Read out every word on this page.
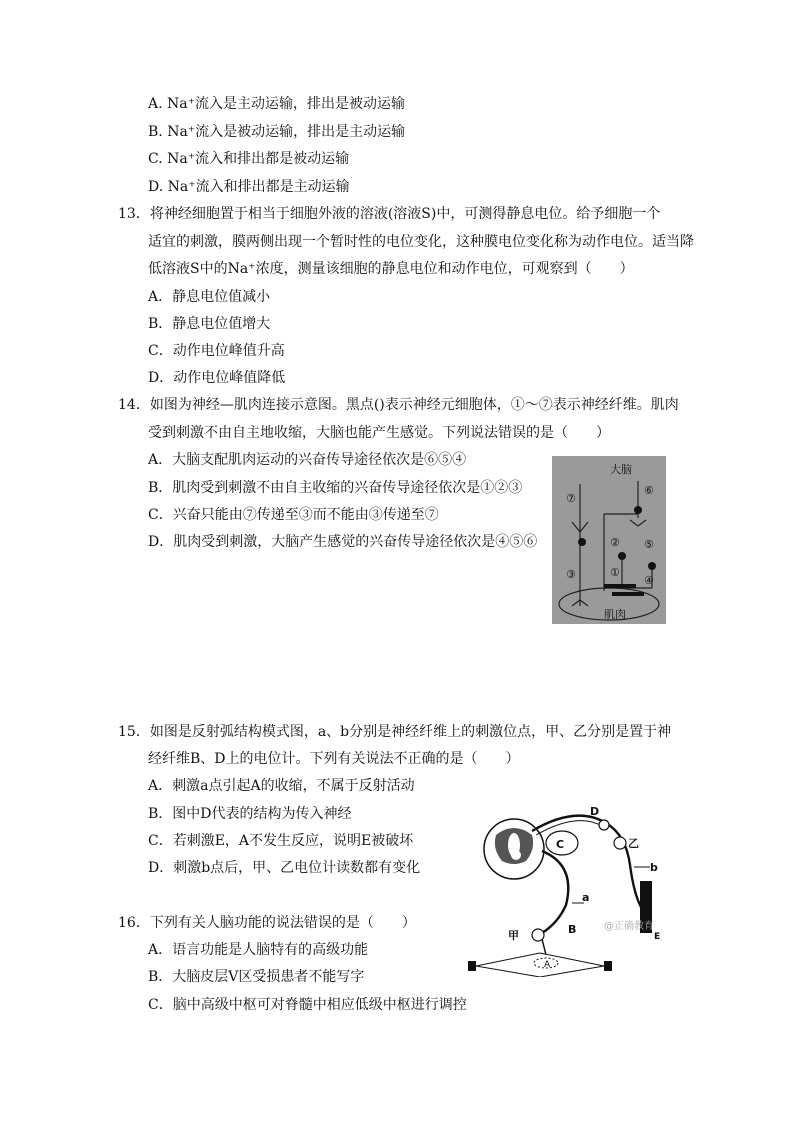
A. Na⁺流入是主动运输，排出是被动运输
B. Na⁺流入是被动运输，排出是主动运输
C. Na⁺流入和排出都是被动运输
D. Na⁺流入和排出都是主动运输
13．将神经细胞置于相当于细胞外液的溶液(溶液S)中，可测得静息电位。给予细胞一个
适宜的刺激，膜两侧出现一个暂时性的电位变化，这种膜电位变化称为动作电位。适当降
低溶液S中的Na⁺浓度，测量该细胞的静息电位和动作电位，可观察到（　　）
A．静息电位值减小
B．静息电位值增大
C．动作电位峰值升高
D．动作电位峰值降低
14．如图为神经—肌肉连接示意图。黑点()表示神经元细胞体，①～⑦表示神经纤维。肌肉
受到刺激不由自主地收缩，大脑也能产生感觉。下列说法错误的是（　　）
A．大脑支配肌肉运动的兴奋传导途径依次是⑥⑤④
B．肌肉受到刺激不由自主收缩的兴奋传导途径依次是①②③
C．兴奋只能由⑦传递至③而不能由③传递至⑦
D．肌肉受到刺激，大脑产生感觉的兴奋传导途径依次是④⑤⑥
大脑
肌肉
⑦
⑥
② ⑤
③	①
④
15．如图是反射弧结构模式图，a、b分别是神经纤维上的刺激位点，甲、乙分别是置于神
经纤维B、D上的电位计。下列有关说法不正确的是（　　）
A．刺激a点引起A的收缩，不属于反射活动
B．图中D代表的结构为传入神经
C．若刺激E，A不发生反应，说明E被破坏
D．刺激b点后，甲、乙电位计读数都有变化
C
D
乙
b
E
a
B
甲
@正确教育
A
16．下列有关人脑功能的说法错误的是（　　）
A．语言功能是人脑特有的高级功能
B．大脑皮层V区受损患者不能写字
C．脑中高级中枢可对脊髓中相应低级中枢进行调控
